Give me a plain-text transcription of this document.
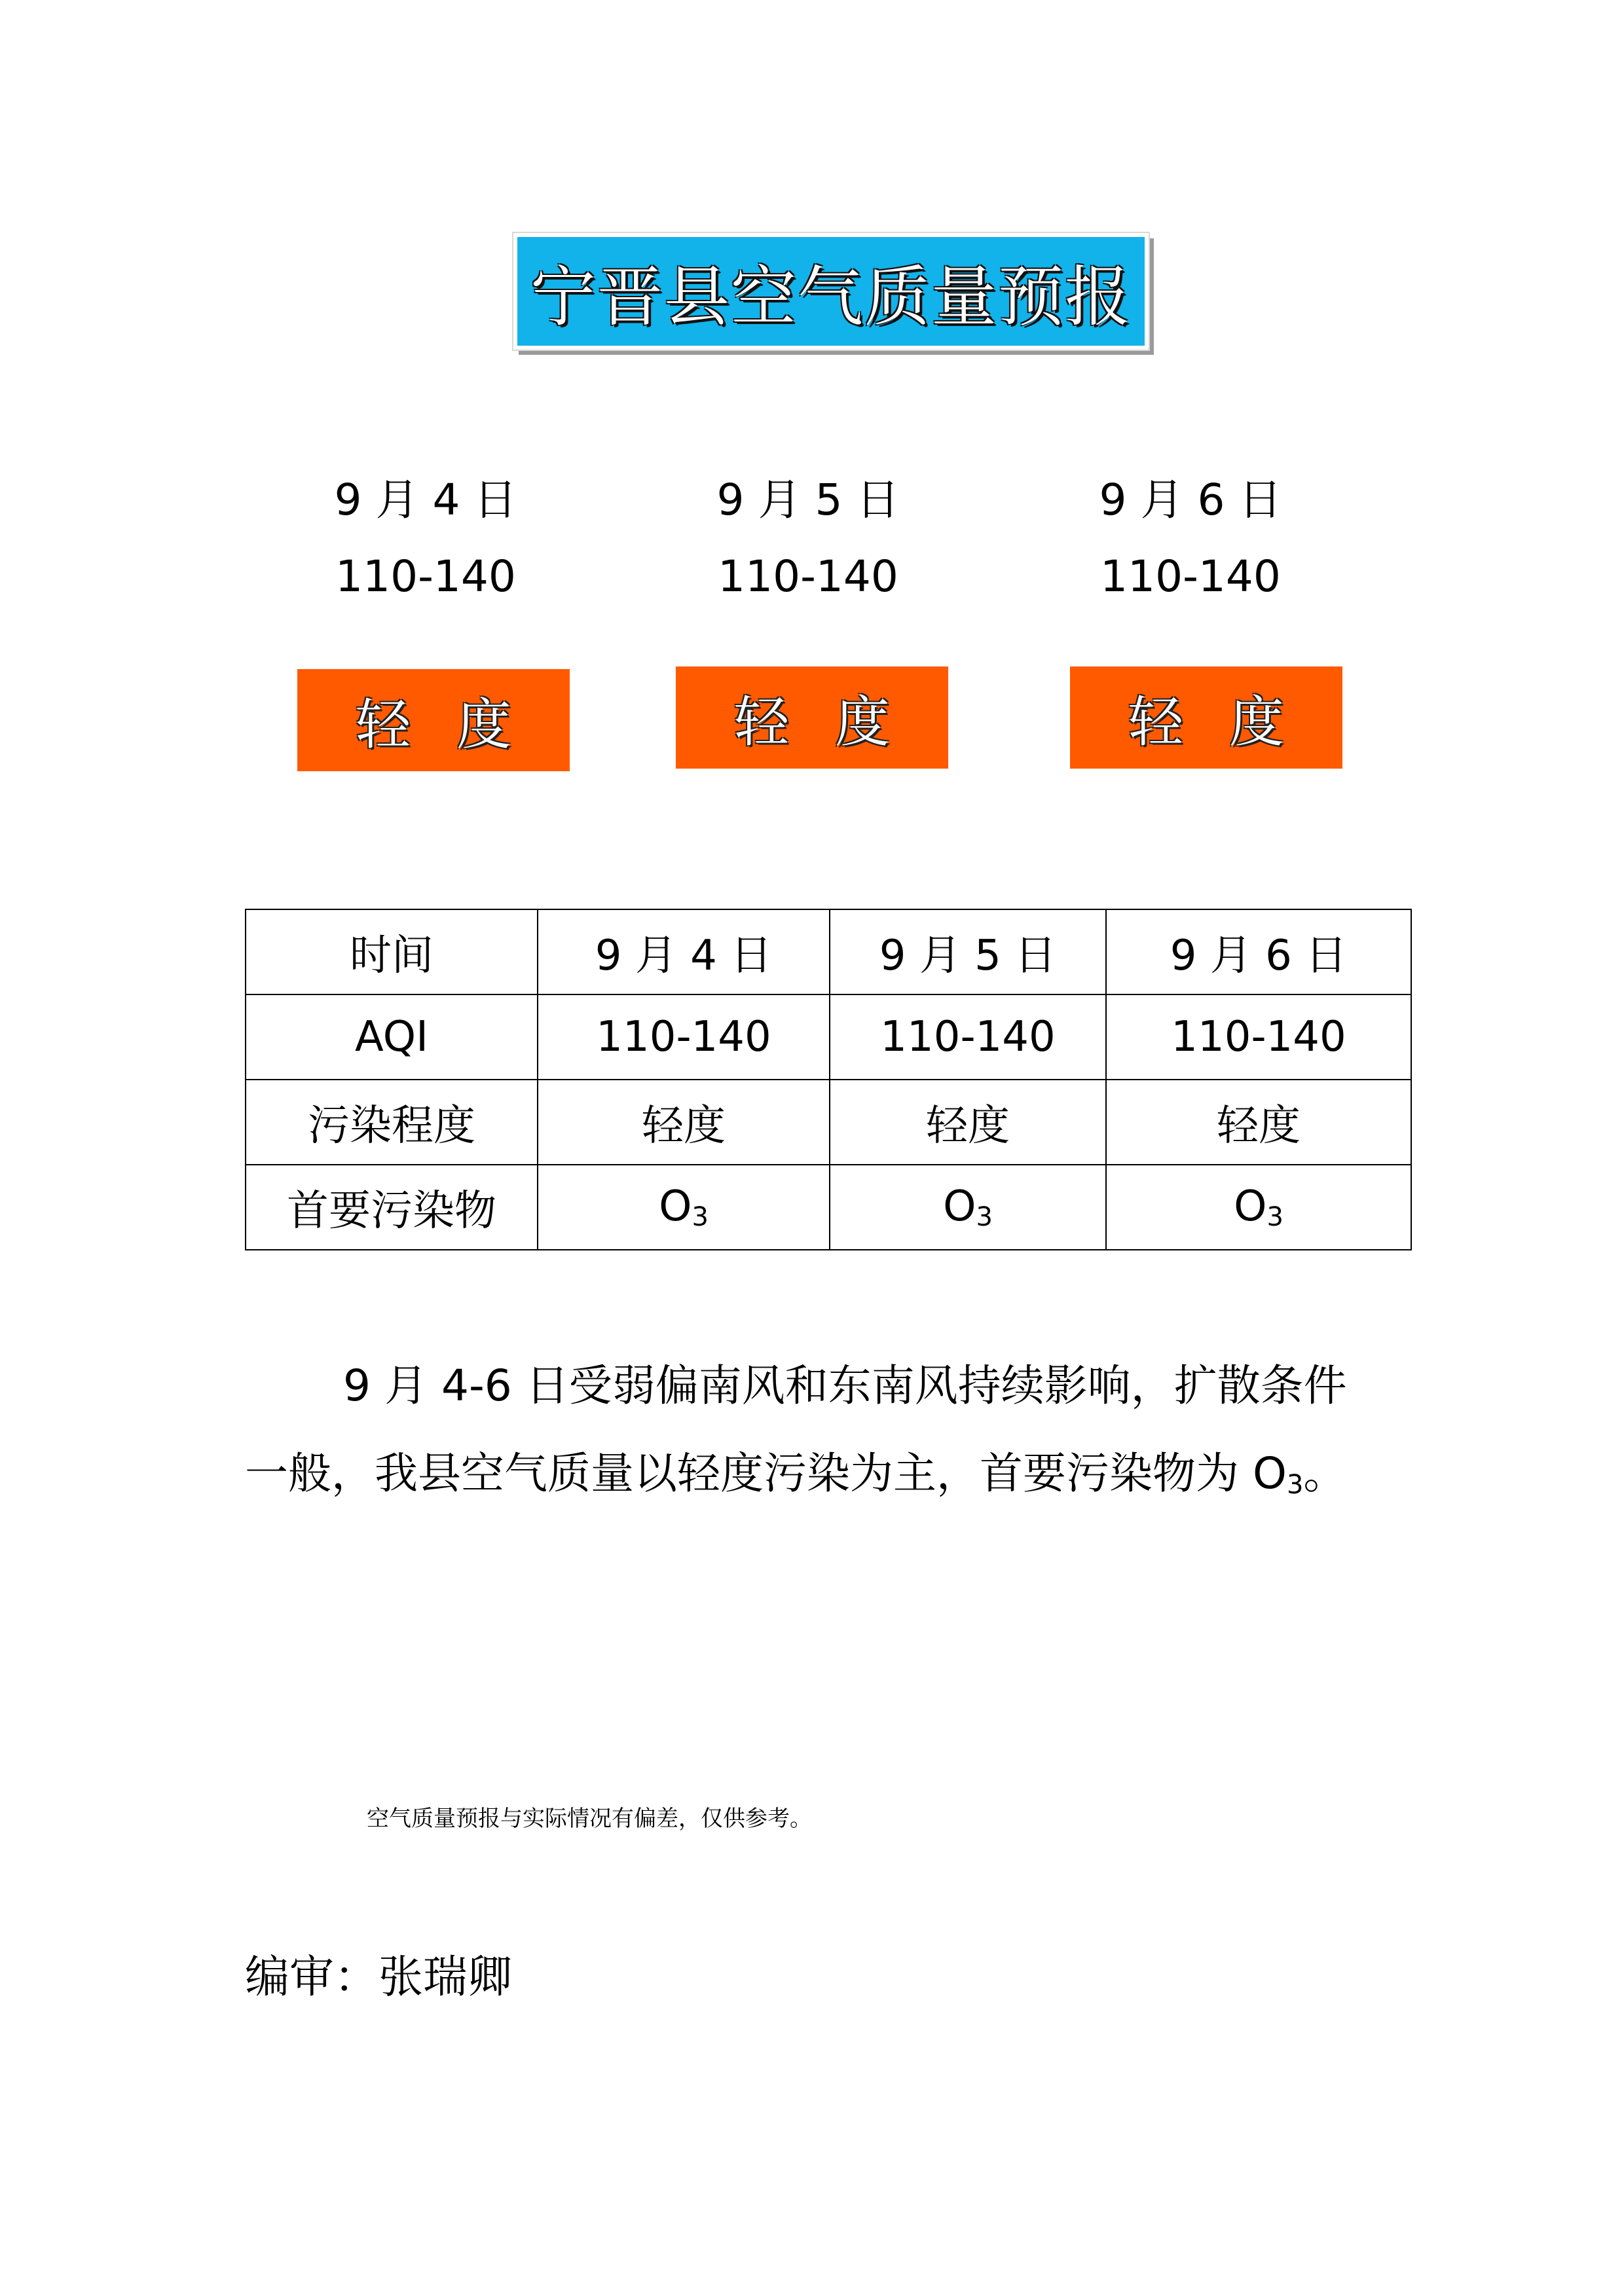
宁晋县空气质量预报
9 月 4 日
110-140
9 月 5 日
110-140
9 月 6 日
110-140
轻度	轻度	轻度
时间	9 月 4 日	9 月 5 日	9 月 6 日
AQI	110-140	110-140	110-140
污染程度	轻度	轻度	轻度
首要污染物	$O_3$	$O_3$	$O_3$
9 月 4-6 日受弱偏南风和东南风持续影响，扩散条件一般，我县空气质量以轻度污染为主，首要污染物为 $O_3$。
空气质量预报与实际情况有偏差，仅供参考。
编审：张瑞卿
